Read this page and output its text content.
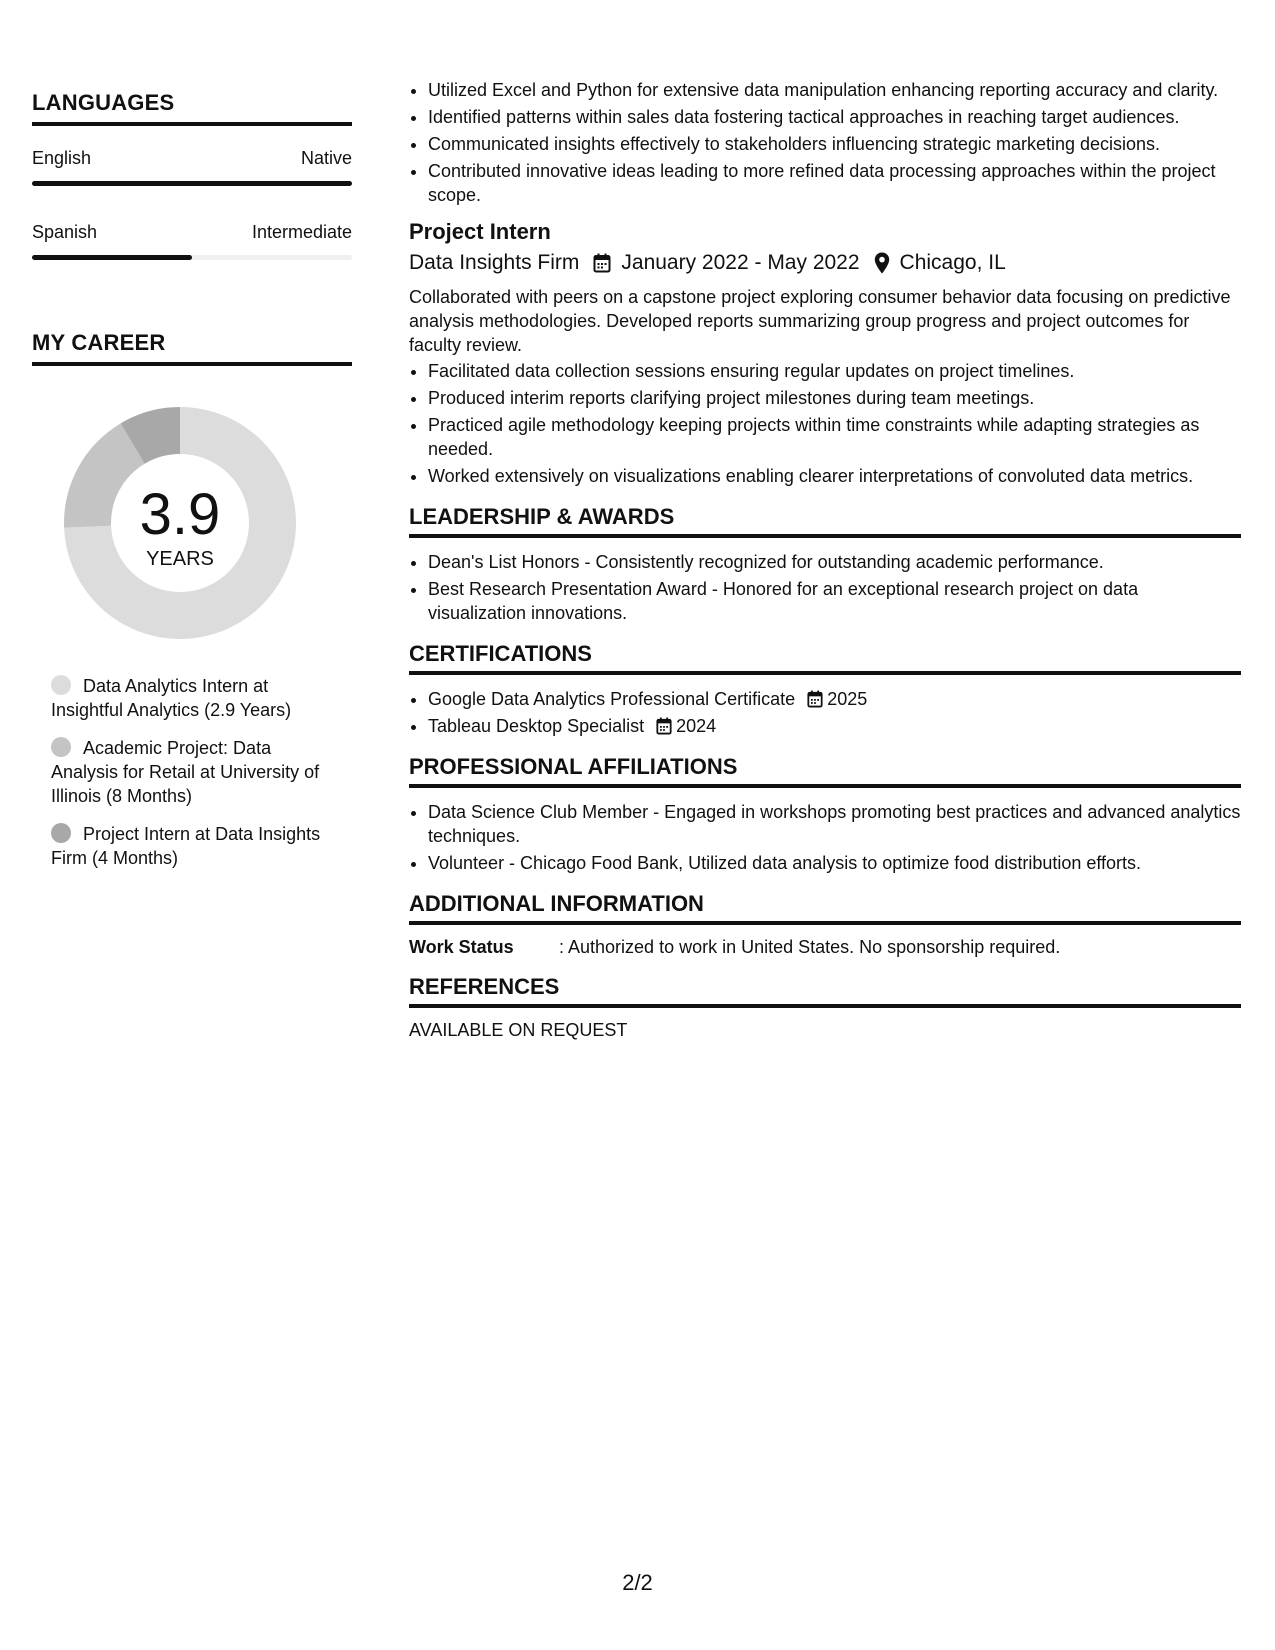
LANGUAGES
English	Native
Spanish	Intermediate
MY CAREER
3.9
YEARS
Data Analytics Intern at Insightful Analytics (2.9 Years)
Academic Project: Data Analysis for Retail at University of Illinois (8 Months)
Project Intern at Data Insights Firm (4 Months)
• Utilized Excel and Python for extensive data manipulation enhancing reporting accuracy and clarity.
• Identified patterns within sales data fostering tactical approaches in reaching target audiences.
• Communicated insights effectively to stakeholders influencing strategic marketing decisions.
• Contributed innovative ideas leading to more refined data processing approaches within the project scope.
Project Intern
Data Insights Firm January 2022 - May 2022 Chicago, IL
Collaborated with peers on a capstone project exploring consumer behavior data focusing on predictive analysis methodologies. Developed reports summarizing group progress and project outcomes for faculty review.
• Facilitated data collection sessions ensuring regular updates on project timelines.
• Produced interim reports clarifying project milestones during team meetings.
• Practiced agile methodology keeping projects within time constraints while adapting strategies as needed.
• Worked extensively on visualizations enabling clearer interpretations of convoluted data metrics.
LEADERSHIP & AWARDS
• Dean's List Honors - Consistently recognized for outstanding academic performance.
• Best Research Presentation Award - Honored for an exceptional research project on data visualization innovations.
CERTIFICATIONS
• Google Data Analytics Professional Certificate 2025
• Tableau Desktop Specialist 2024
PROFESSIONAL AFFILIATIONS
• Data Science Club Member - Engaged in workshops promoting best practices and advanced analytics techniques.
• Volunteer - Chicago Food Bank, Utilized data analysis to optimize food distribution efforts.
ADDITIONAL INFORMATION
Work Status	: Authorized to work in United States. No sponsorship required.
REFERENCES
AVAILABLE ON REQUEST
2/2
